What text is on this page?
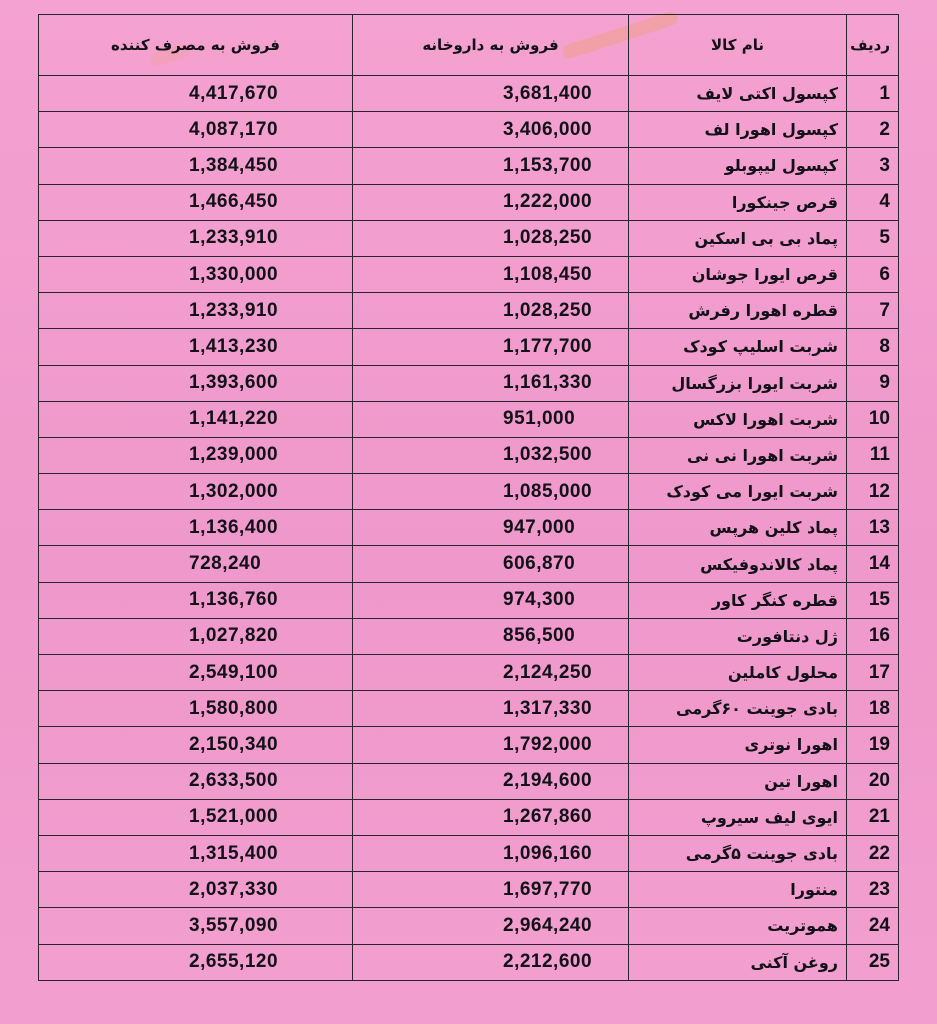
ردیف	نام کالا	فروش به داروخانه	فروش به مصرف کننده
1	کپسول اکتی لایف	3,681,400	4,417,670
2	کپسول اهورا لف	3,406,000	4,087,170
3	کپسول لیپوبلو	1,153,700	1,384,450
4	قرص جینکورا	1,222,000	1,466,450
5	پماد بی بی اسکین	1,028,250	1,233,910
6	قرص ایورا جوشان	1,108,450	1,330,000
7	قطره اهورا رفرش	1,028,250	1,233,910
8	شربت اسلیپ کودک	1,177,700	1,413,230
9	شربت ایورا بزرگسال	1,161,330	1,393,600
10	شربت اهورا لاکس	951,000	1,141,220
11	شربت اهورا نی نی	1,032,500	1,239,000
12	شربت ایورا می کودک	1,085,000	1,302,000
13	پماد کلین هرپس	947,000	1,136,400
14	پماد کالاندوفیکس	606,870	728,240
15	قطره کنگر کاور	974,300	1,136,760
16	ژل دنتافورت	856,500	1,027,820
17	محلول کاملین	2,124,250	2,549,100
18	بادی جوینت ۶۰گرمی	1,317,330	1,580,800
19	اهورا نوتری	1,792,000	2,150,340
20	اهورا تین	2,194,600	2,633,500
21	ایوی لیف سیروپ	1,267,860	1,521,000
22	بادی جوینت ۵گرمی	1,096,160	1,315,400
23	منتورا	1,697,770	2,037,330
24	هموتریت	2,964,240	3,557,090
25	روغن آکنی	2,212,600	2,655,120
